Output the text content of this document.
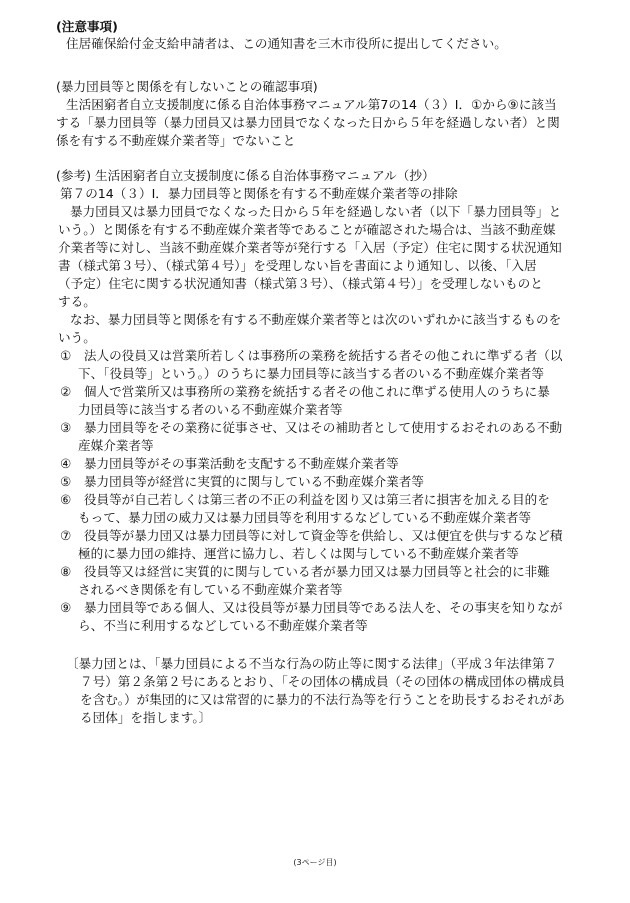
(注意事項)
住居確保給付金支給申請者は、この通知書を三木市役所に提出してください。
(暴力団員等と関係を有しないことの確認事項)
生活困窮者自立支援制度に係る自治体事務マニュアル第7の14（３）Ⅰ．①から⑨に該当
する「暴力団員等（暴力団員又は暴力団員でなくなった日から５年を経過しない者）と関
係を有する不動産媒介業者等」でないこと
(参考) 生活困窮者自立支援制度に係る自治体事務マニュアル（抄）
第７の14（３）Ⅰ．暴力団員等と関係を有する不動産媒介業者等の排除
暴力団員又は暴力団員でなくなった日から５年を経過しない者（以下「暴力団員等」と
いう。）と関係を有する不動産媒介業者等であることが確認された場合は、当該不動産媒
介業者等に対し、当該不動産媒介業者等が発行する「入居（予定）住宅に関する状況通知
書（様式第３号）、（様式第４号）」を受理しない旨を書面により通知し、以後、「入居
（予定）住宅に関する状況通知書（様式第３号）、（様式第４号）」を受理しないものと
する。
なお、暴力団員等と関係を有する不動産媒介業者等とは次のいずれかに該当するものを
いう。
①　法人の役員又は営業所若しくは事務所の業務を統括する者その他これに準ずる者（以
下、「役員等」という。）のうちに暴力団員等に該当する者のいる不動産媒介業者等
②　個人で営業所又は事務所の業務を統括する者その他これに準ずる使用人のうちに暴
力団員等に該当する者のいる不動産媒介業者等
③　暴力団員等をその業務に従事させ、又はその補助者として使用するおそれのある不動
産媒介業者等
④　暴力団員等がその事業活動を支配する不動産媒介業者等
⑤　暴力団員等が経営に実質的に関与している不動産媒介業者等
⑥　役員等が自己若しくは第三者の不正の利益を図り又は第三者に損害を加える目的を
もって、暴力団の威力又は暴力団員等を利用するなどしている不動産媒介業者等
⑦　役員等が暴力団又は暴力団員等に対して資金等を供給し、又は便宜を供与するなど積
極的に暴力団の維持、運営に協力し、若しくは関与している不動産媒介業者等
⑧　役員等又は経営に実質的に関与している者が暴力団又は暴力団員等と社会的に非難
されるべき関係を有している不動産媒介業者等
⑨　暴力団員等である個人、又は役員等が暴力団員等である法人を、その事実を知りなが
ら、不当に利用するなどしている不動産媒介業者等
〔暴力団とは、「暴力団員による不当な行為の防止等に関する法律」（平成３年法律第７
７号）第２条第２号にあるとおり、「その団体の構成員（その団体の構成団体の構成員
を含む。）が集団的に又は常習的に暴力的不法行為等を行うことを助長するおそれがあ
る団体」を指します。〕
(3ページ目)
